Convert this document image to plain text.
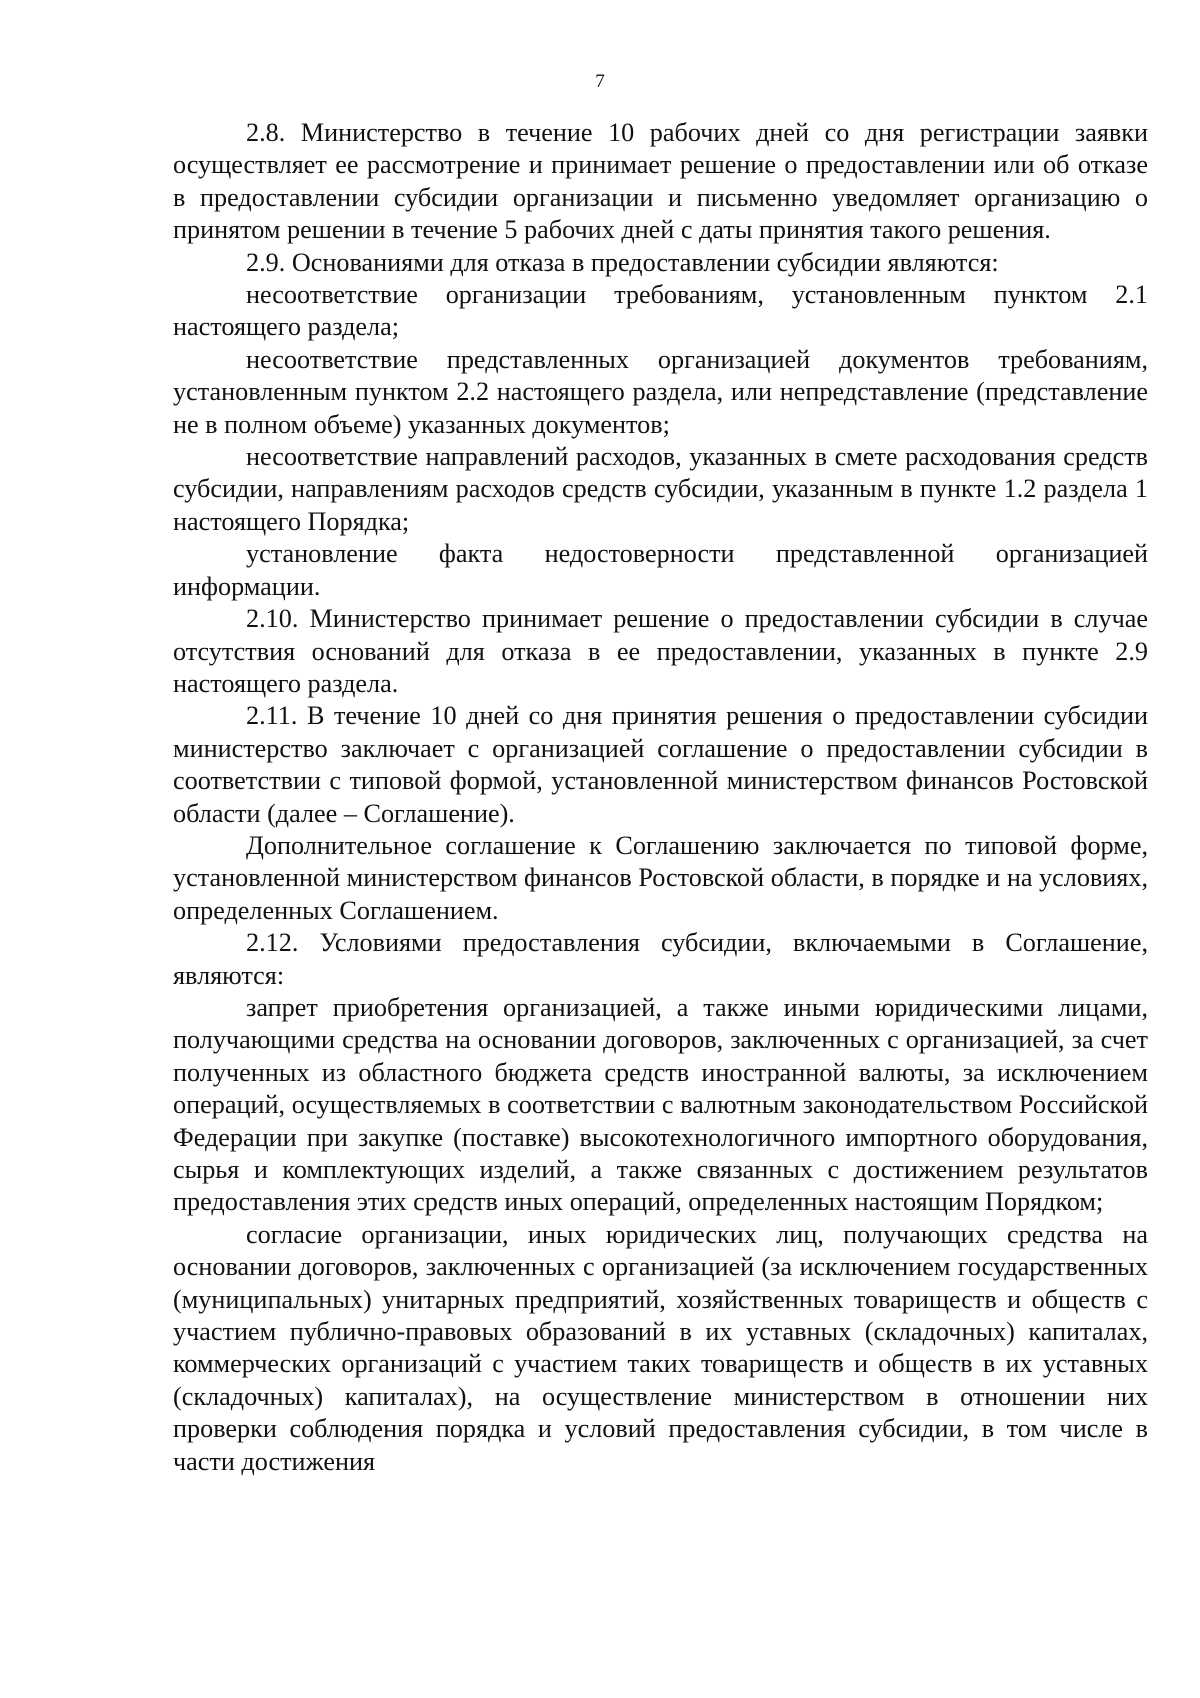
7

2.8. Министерство в течение 10 рабочих дней со дня регистрации заявки осуществляет ее рассмотрение и принимает решение о предоставлении или об отказе в предоставлении субсидии организации и письменно уведомляет организацию о принятом решении в течение 5 рабочих дней с даты принятия такого решения.

2.9. Основаниями для отказа в предоставлении субсидии являются:

несоответствие организации требованиям, установленным пунктом 2.1 настоящего раздела;

несоответствие представленных организацией документов требованиям, установленным пунктом 2.2 настоящего раздела, или непредставление (представление не в полном объеме) указанных документов;

несоответствие направлений расходов, указанных в смете расходования средств субсидии, направлениям расходов средств субсидии, указанным в пункте 1.2 раздела 1 настоящего Порядка;

установление факта недостоверности представленной организацией информации.

2.10. Министерство принимает решение о предоставлении субсидии в случае отсутствия оснований для отказа в ее предоставлении, указанных в пункте 2.9 настоящего раздела.

2.11. В течение 10 дней со дня принятия решения о предоставлении субсидии министерство заключает с организацией соглашение о предоставлении субсидии в соответствии с типовой формой, установленной министерством финансов Ростовской области (далее – Соглашение).

Дополнительное соглашение к Соглашению заключается по типовой форме, установленной министерством финансов Ростовской области, в порядке и на условиях, определенных Соглашением.

2.12. Условиями предоставления субсидии, включаемыми в Соглашение, являются:

запрет приобретения организацией, а также иными юридическими лицами, получающими средства на основании договоров, заключенных с организацией, за счет полученных из областного бюджета средств иностранной валюты, за исключением операций, осуществляемых в соответствии с валютным законодательством Российской Федерации при закупке (поставке) высокотехнологичного импортного оборудования, сырья и комплектующих изделий, а также связанных с достижением результатов предоставления этих средств иных операций, определенных настоящим Порядком;

согласие организации, иных юридических лиц, получающих средства на основании договоров, заключенных с организацией (за исключением государственных (муниципальных) унитарных предприятий, хозяйственных товариществ и обществ с участием публично-правовых образований в их уставных (складочных) капиталах, коммерческих организаций с участием таких товариществ и обществ в их уставных (складочных) капиталах), на осуществление министерством в отношении них проверки соблюдения порядка и условий предоставления субсидии, в том числе в части достижения
